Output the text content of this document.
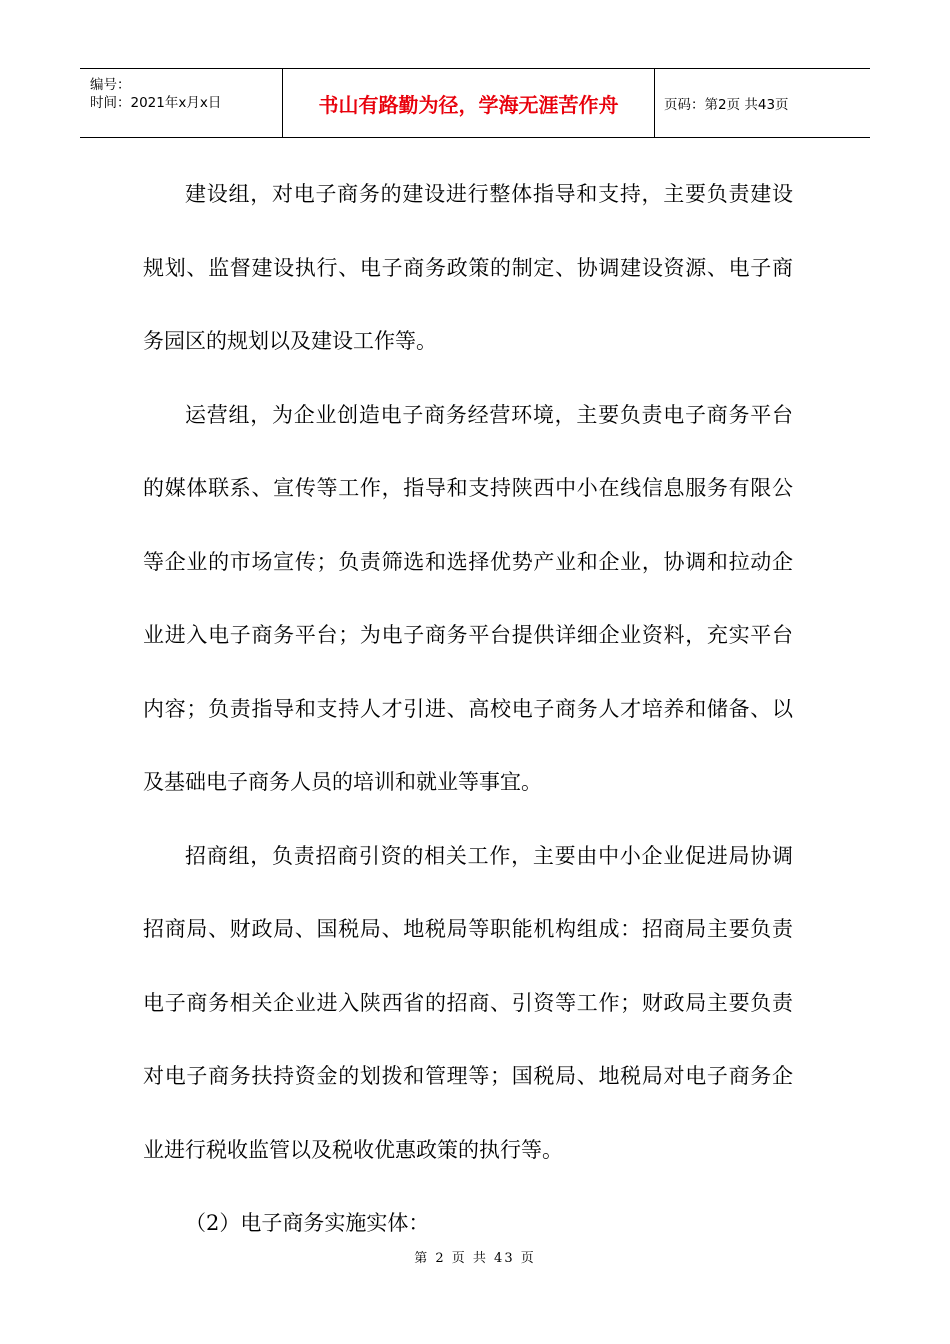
编号：
时间：2021年x月x日	书山有路勤为径，学海无涯苦作舟	页码：第2页 共43页

建设组，对电子商务的建设进行整体指导和支持，主要负责建设规划、监督建设执行、电子商务政策的制定、协调建设资源、电子商务园区的规划以及建设工作等。

运营组，为企业创造电子商务经营环境，主要负责电子商务平台的媒体联系、宣传等工作，指导和支持陕西中小在线信息服务有限公等企业的市场宣传；负责筛选和选择优势产业和企业，协调和拉动企业进入电子商务平台；为电子商务平台提供详细企业资料，充实平台内容；负责指导和支持人才引进、高校电子商务人才培养和储备、以及基础电子商务人员的培训和就业等事宜。

招商组，负责招商引资的相关工作，主要由中小企业促进局协调招商局、财政局、国税局、地税局等职能机构组成：招商局主要负责电子商务相关企业进入陕西省的招商、引资等工作；财政局主要负责对电子商务扶持资金的划拨和管理等；国税局、地税局对电子商务企业进行税收监管以及税收优惠政策的执行等。

（2）电子商务实施实体：

第 2 页 共 43 页
